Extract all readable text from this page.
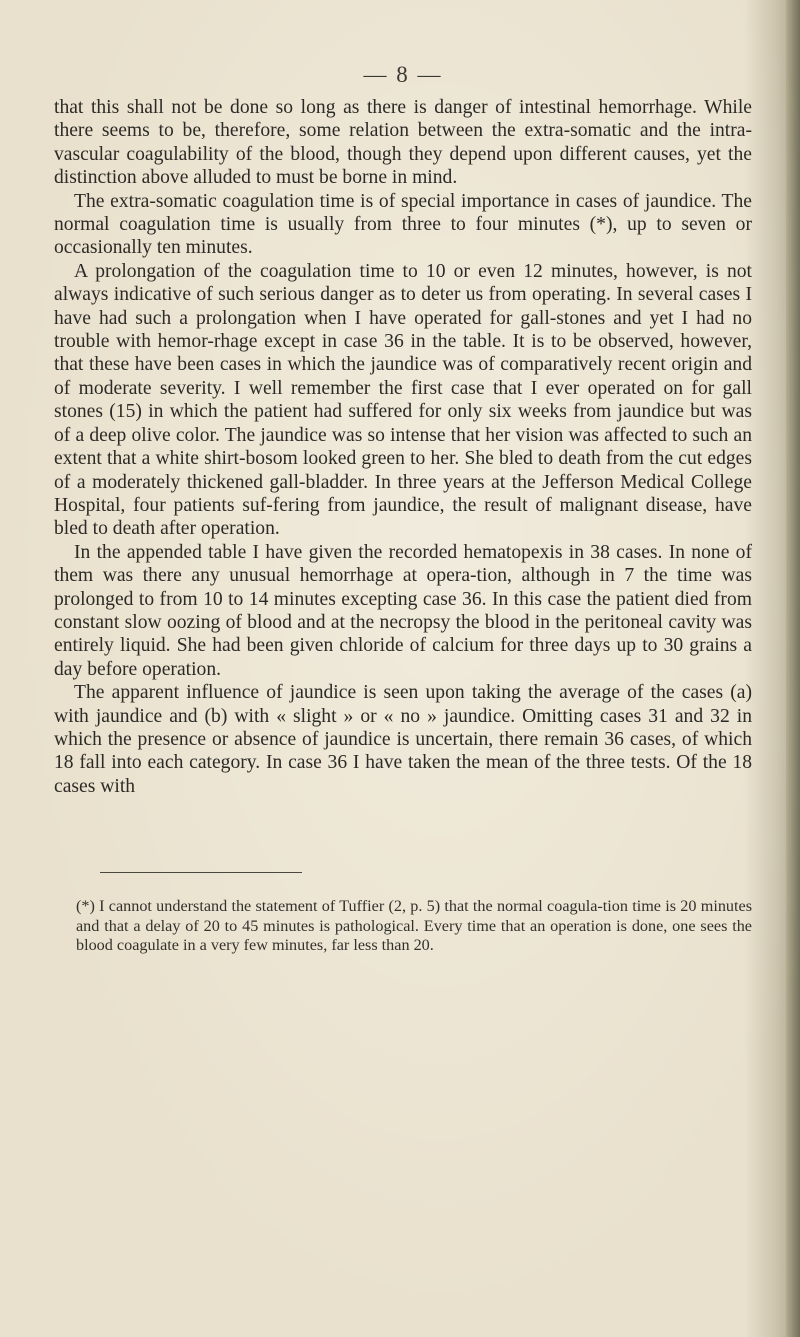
— 8 —

that this shall not be done so long as there is danger of intestinal hemorrhage. While there seems to be, therefore, some relation between the extra-somatic and the intra-vascular coagulability of the blood, though they depend upon different causes, yet the distinction above alluded to must be borne in mind.

The extra-somatic coagulation time is of special importance in cases of jaundice. The normal coagulation time is usually from three to four minutes (*), up to seven or occasionally ten minutes.

A prolongation of the coagulation time to 10 or even 12 minutes, however, is not always indicative of such serious danger as to deter us from operating. In several cases I have had such a prolongation when I have operated for gall-stones and yet I had no trouble with hemor-rhage except in case 36 in the table. It is to be observed, however, that these have been cases in which the jaundice was of comparatively recent origin and of moderate severity. I well remember the first case that I ever operated on for gall stones (15) in which the patient had suffered for only six weeks from jaundice but was of a deep olive color. The jaundice was so intense that her vision was affected to such an extent that a white shirt-bosom looked green to her. She bled to death from the cut edges of a moderately thickened gall-bladder. In three years at the Jefferson Medical College Hospital, four patients suf-fering from jaundice, the result of malignant disease, have bled to death after operation.

In the appended table I have given the recorded hematopexis in 38 cases. In none of them was there any unusual hemorrhage at opera-tion, although in 7 the time was prolonged to from 10 to 14 minutes excepting case 36. In this case the patient died from constant slow oozing of blood and at the necropsy the blood in the peritoneal cavity was entirely liquid. She had been given chloride of calcium for three days up to 30 grains a day before operation.

The apparent influence of jaundice is seen upon taking the average of the cases (a) with jaundice and (b) with « slight » or « no » jaundice. Omitting cases 31 and 32 in which the presence or absence of jaundice is uncertain, there remain 36 cases, of which 18 fall into each category. In case 36 I have taken the mean of the three tests. Of the 18 cases with

(*) I cannot understand the statement of Tuffier (2, p. 5) that the normal coagula-tion time is 20 minutes and that a delay of 20 to 45 minutes is pathological. Every time that an operation is done, one sees the blood coagulate in a very few minutes, far less than 20.
